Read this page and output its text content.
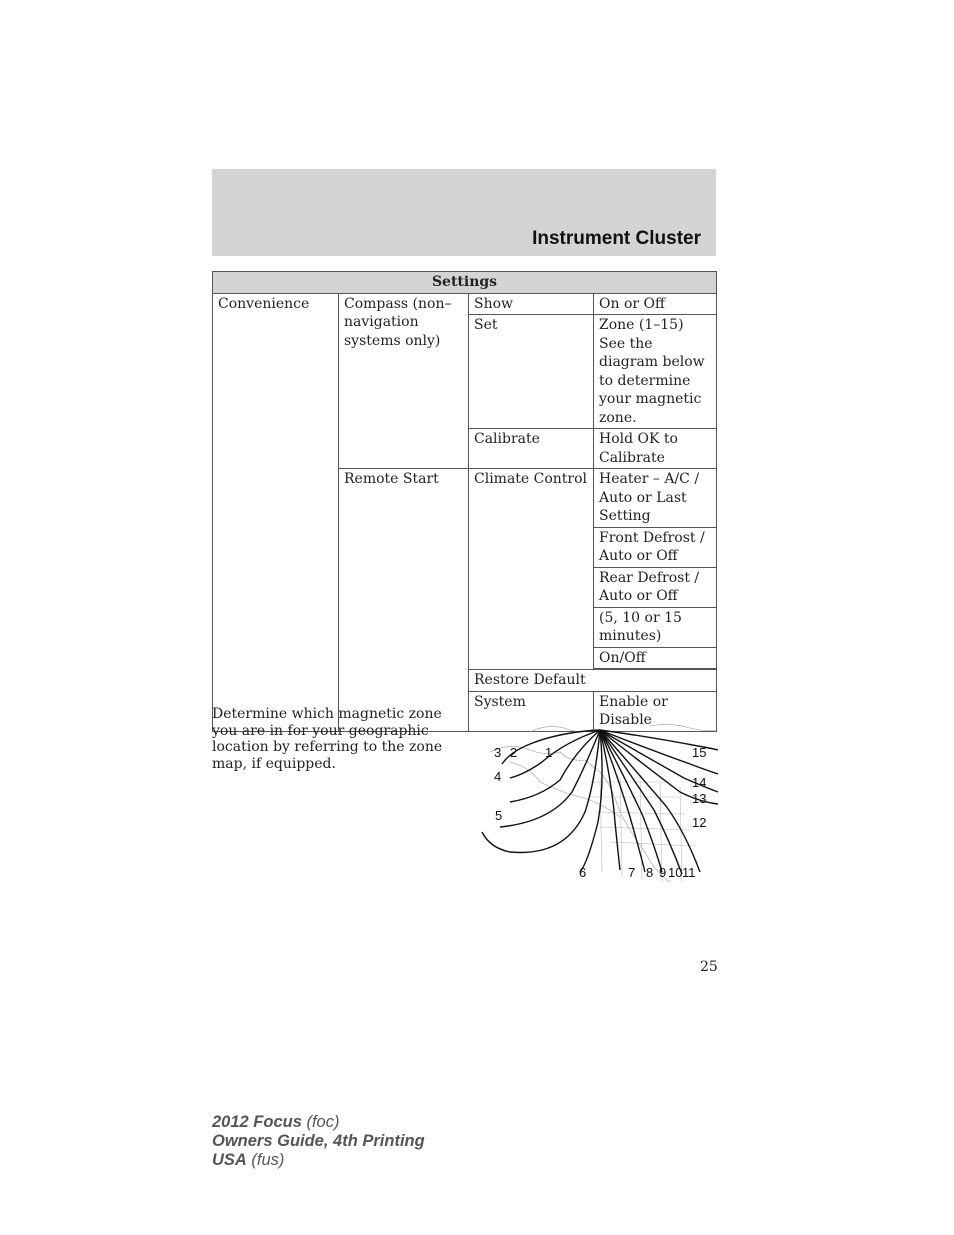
Instrument Cluster
Settings			
Convenience	Compass (non–navigation systems only)	Show	On or Off
		Set	Zone (1–15) See the diagram below to determine your magnetic zone.
		Calibrate	Hold OK to Calibrate
	Remote Start	Climate Control	Heater – A/C / Auto or Last Setting
			Front Defrost / Auto or Off
			Rear Defrost / Auto or Off
			(5, 10 or 15 minutes)
			On/Off

		Restore Default	
		System	Enable or Disable
Determine which magnetic zone you are in for your geographic location by referring to the zone map, if equipped.
3 2 1
4
5
6	7 8 9 10 11
12
13
14
15
25
2012 Focus (foc)
Owners Guide, 4th Printing
USA (fus)
